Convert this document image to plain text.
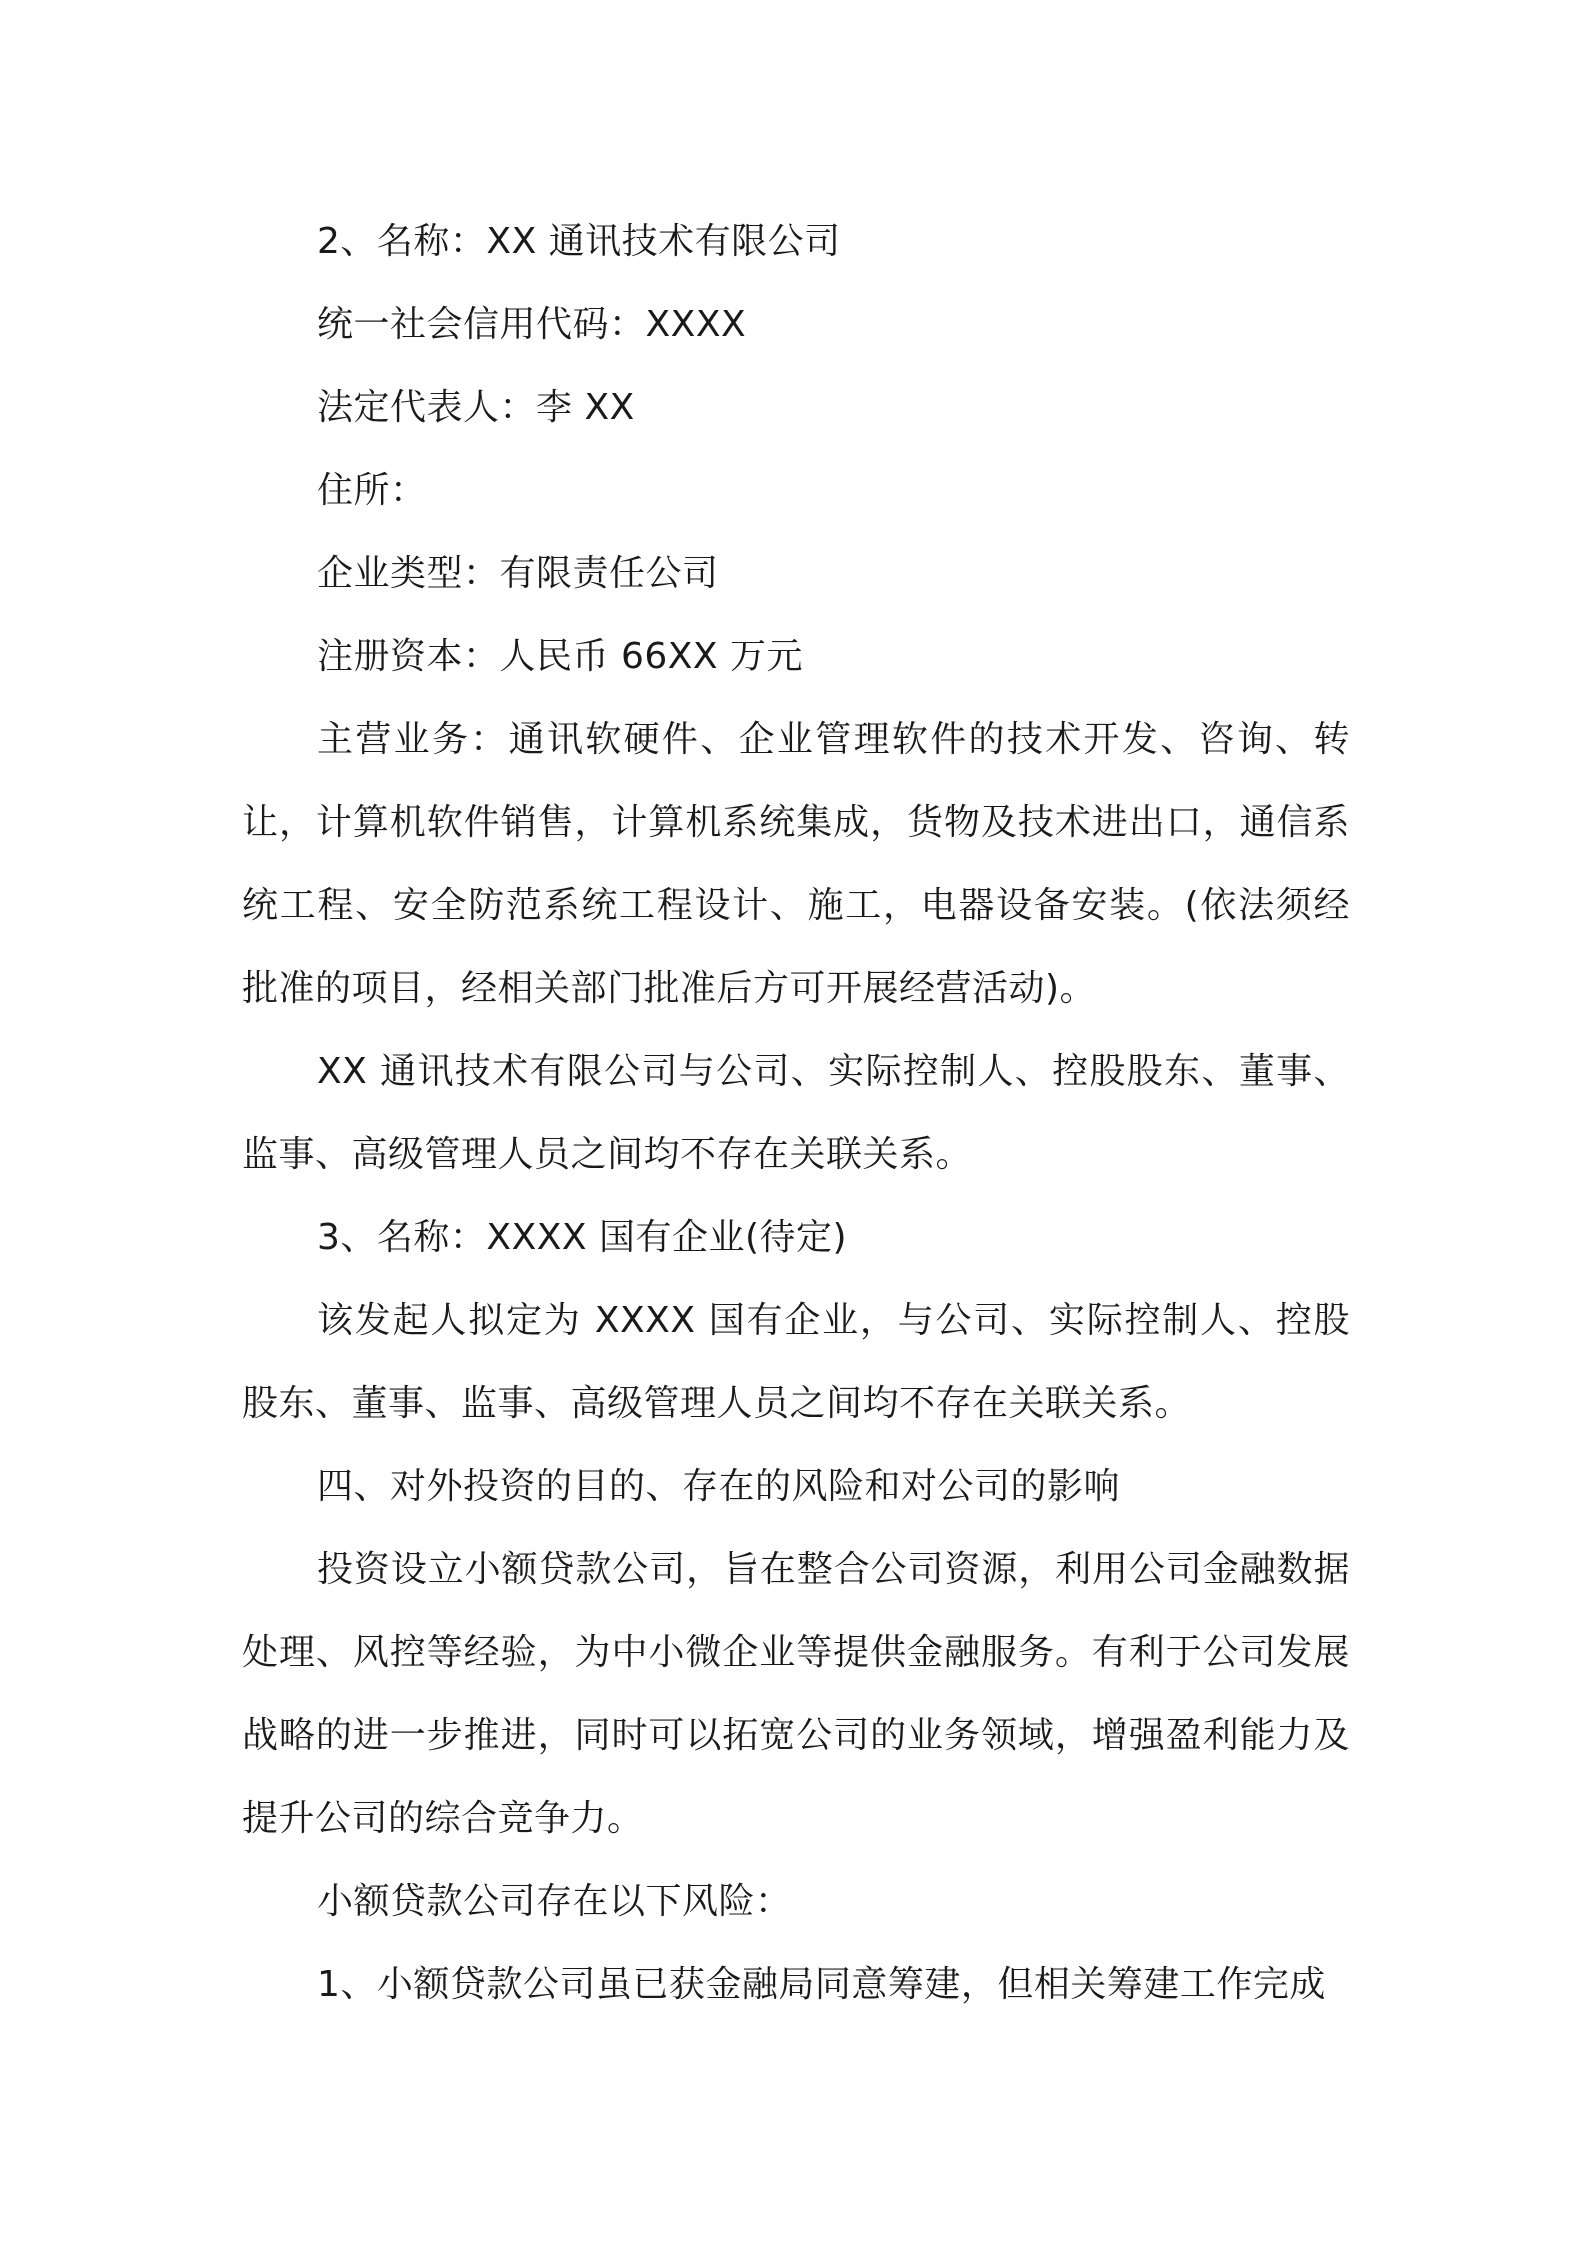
2、名称：XX 通讯技术有限公司

统一社会信用代码：XXXX

法定代表人：李 XX

住所：

企业类型：有限责任公司

注册资本：人民币 66XX 万元

主营业务：通讯软硬件、企业管理软件的技术开发、咨询、转让，计算机软件销售，计算机系统集成，货物及技术进出口，通信系统工程、安全防范系统工程设计、施工，电器设备安装。(依法须经批准的项目，经相关部门批准后方可开展经营活动)。

XX 通讯技术有限公司与公司、实际控制人、控股股东、董事、监事、高级管理人员之间均不存在关联关系。

3、名称：XXXX 国有企业(待定)

该发起人拟定为 XXXX 国有企业，与公司、实际控制人、控股股东、董事、监事、高级管理人员之间均不存在关联关系。

四、对外投资的目的、存在的风险和对公司的影响

投资设立小额贷款公司，旨在整合公司资源，利用公司金融数据处理、风控等经验，为中小微企业等提供金融服务。有利于公司发展战略的进一步推进，同时可以拓宽公司的业务领域，增强盈利能力及提升公司的综合竞争力。

小额贷款公司存在以下风险：

1、小额贷款公司虽已获金融局同意筹建，但相关筹建工作完成
